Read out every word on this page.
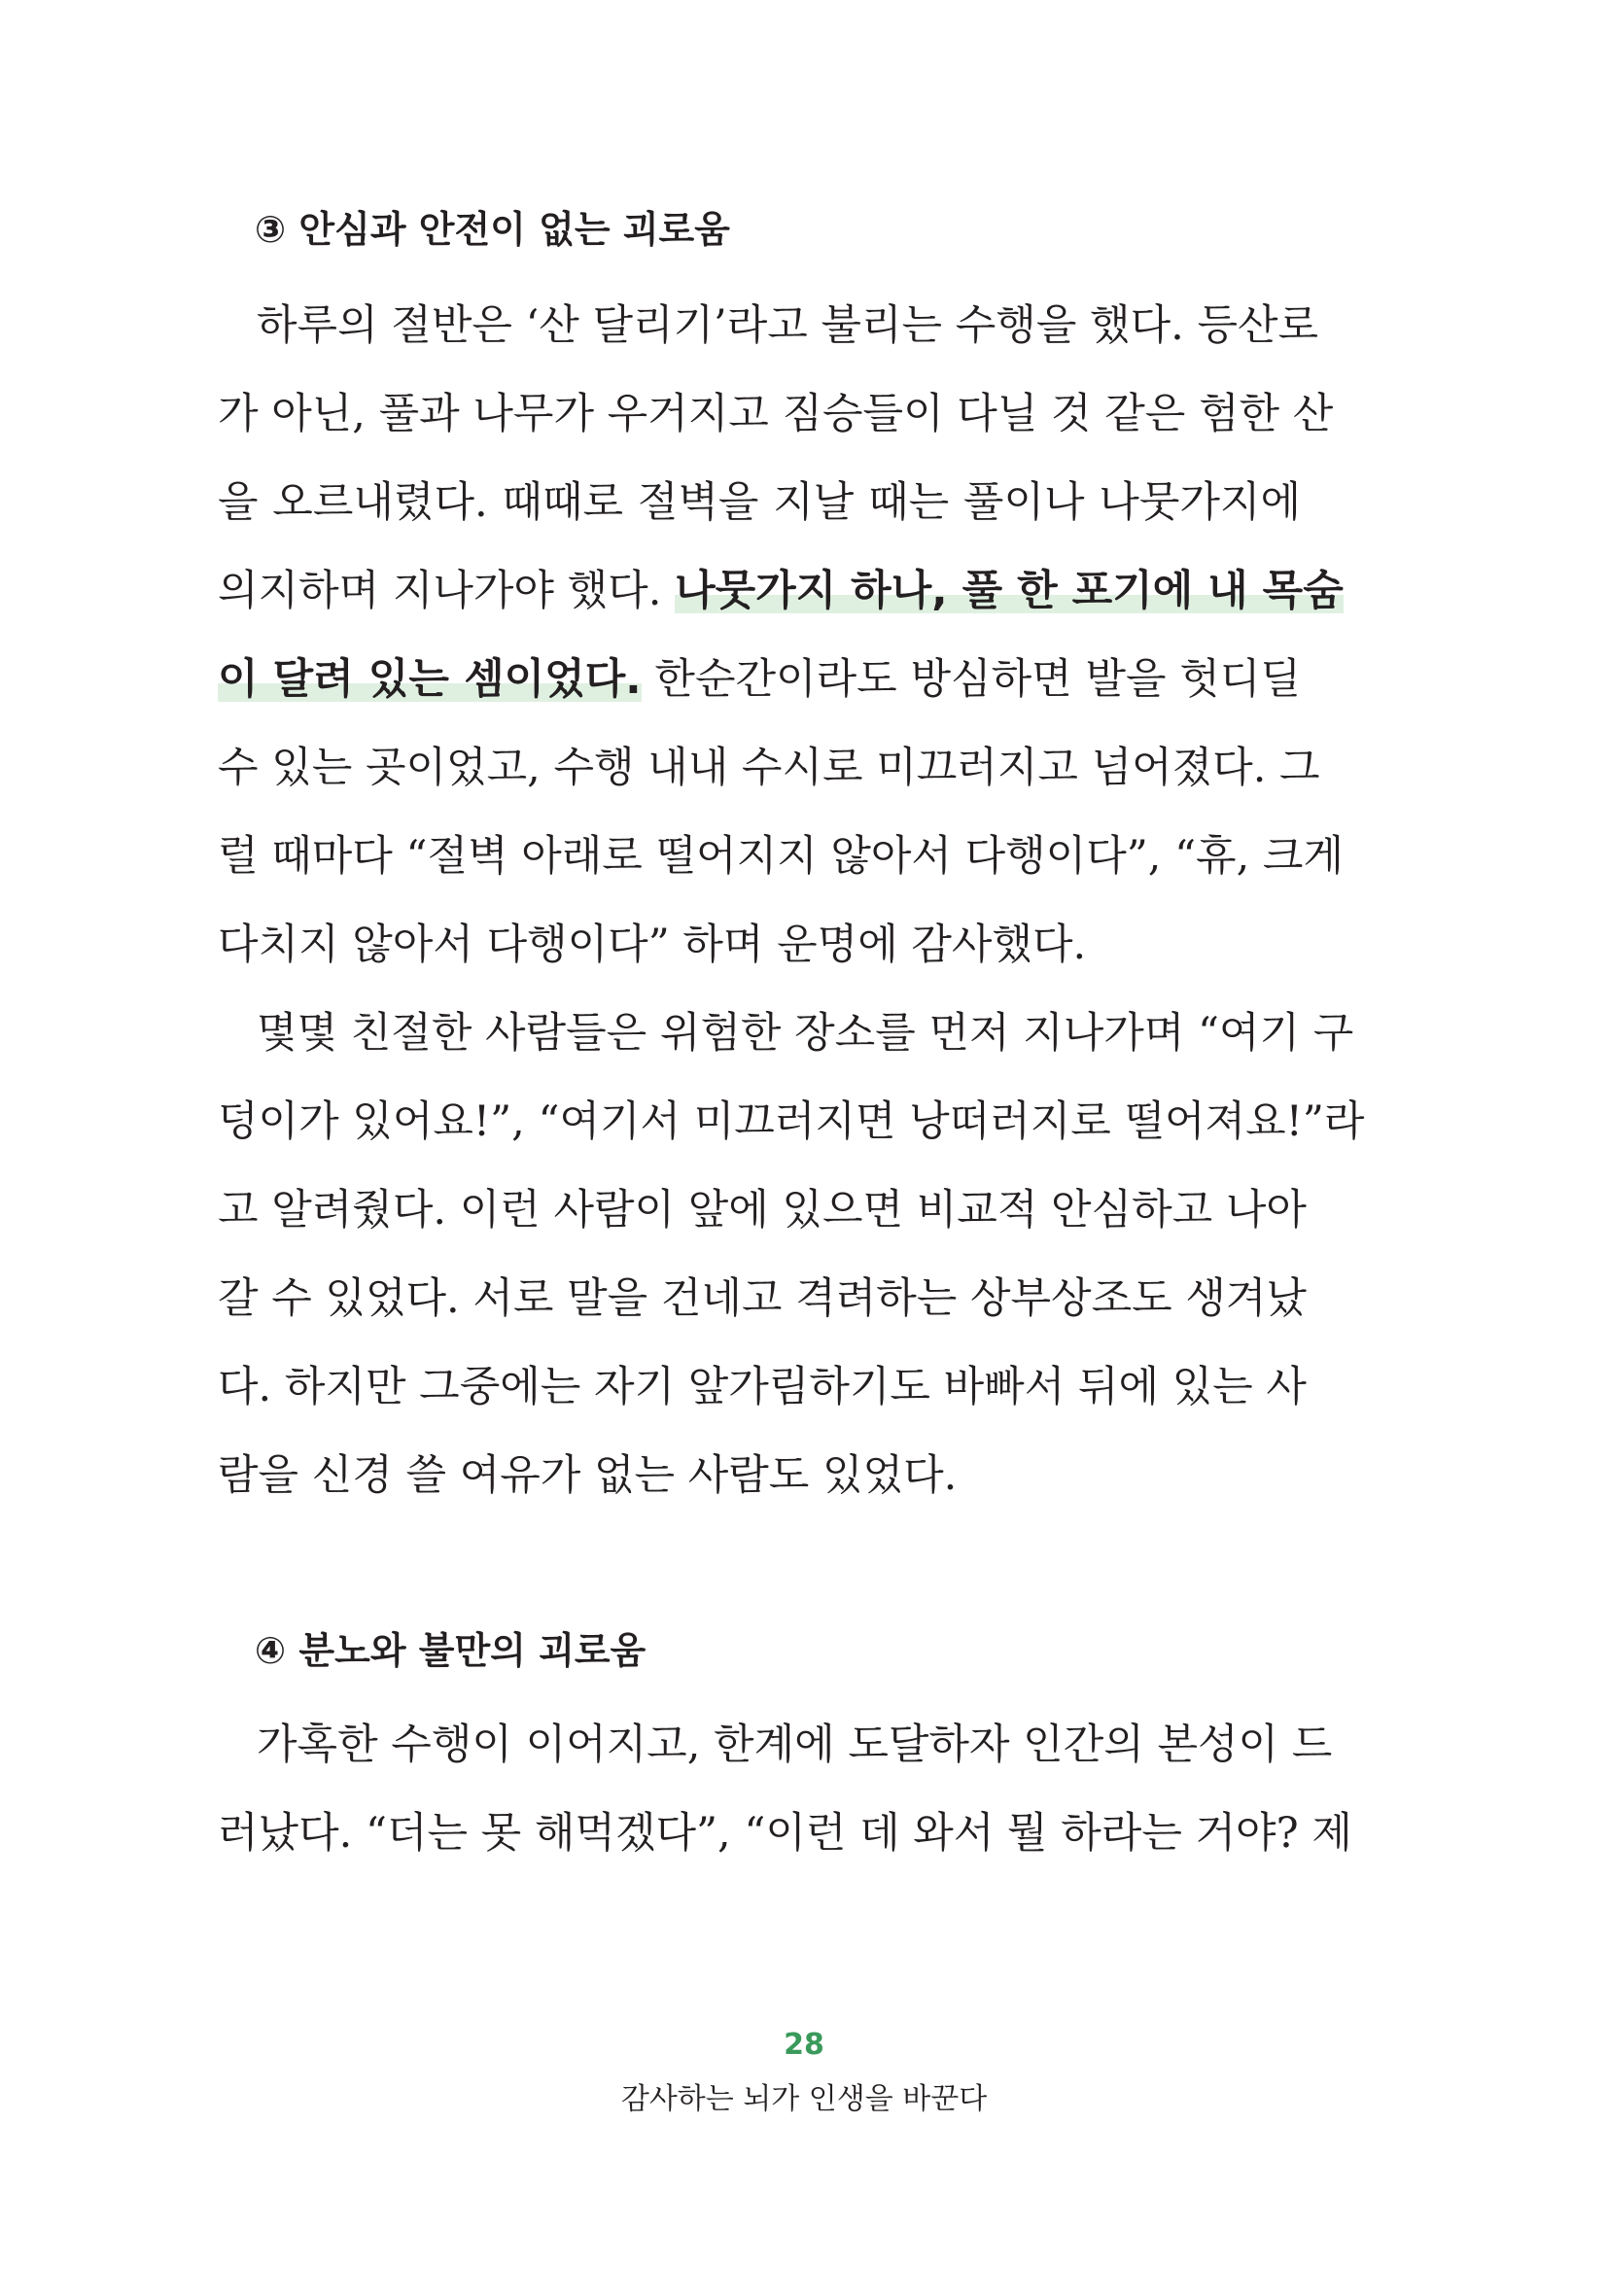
③ 안심과 안전이 없는 괴로움
하루의 절반은 ‘산 달리기’라고 불리는 수행을 했다. 등산로
가 아닌, 풀과 나무가 우거지고 짐승들이 다닐 것 같은 험한 산
을 오르내렸다. 때때로 절벽을 지날 때는 풀이나 나뭇가지에
의지하며 지나가야 했다. 나뭇가지 하나, 풀 한 포기에 내 목숨
이 달려 있는 셈이었다. 한순간이라도 방심하면 발을 헛디딜
수 있는 곳이었고, 수행 내내 수시로 미끄러지고 넘어졌다. 그
럴 때마다 “절벽 아래로 떨어지지 않아서 다행이다”, “휴, 크게
다치지 않아서 다행이다” 하며 운명에 감사했다.
몇몇 친절한 사람들은 위험한 장소를 먼저 지나가며 “여기 구
덩이가 있어요!”, “여기서 미끄러지면 낭떠러지로 떨어져요!”라
고 알려줬다. 이런 사람이 앞에 있으면 비교적 안심하고 나아
갈 수 있었다. 서로 말을 건네고 격려하는 상부상조도 생겨났
다. 하지만 그중에는 자기 앞가림하기도 바빠서 뒤에 있는 사
람을 신경 쓸 여유가 없는 사람도 있었다.
④ 분노와 불만의 괴로움
가혹한 수행이 이어지고, 한계에 도달하자 인간의 본성이 드
러났다. “더는 못 해먹겠다”, “이런 데 와서 뭘 하라는 거야? 제

28

감사하는 뇌가 인생을 바꾼다
